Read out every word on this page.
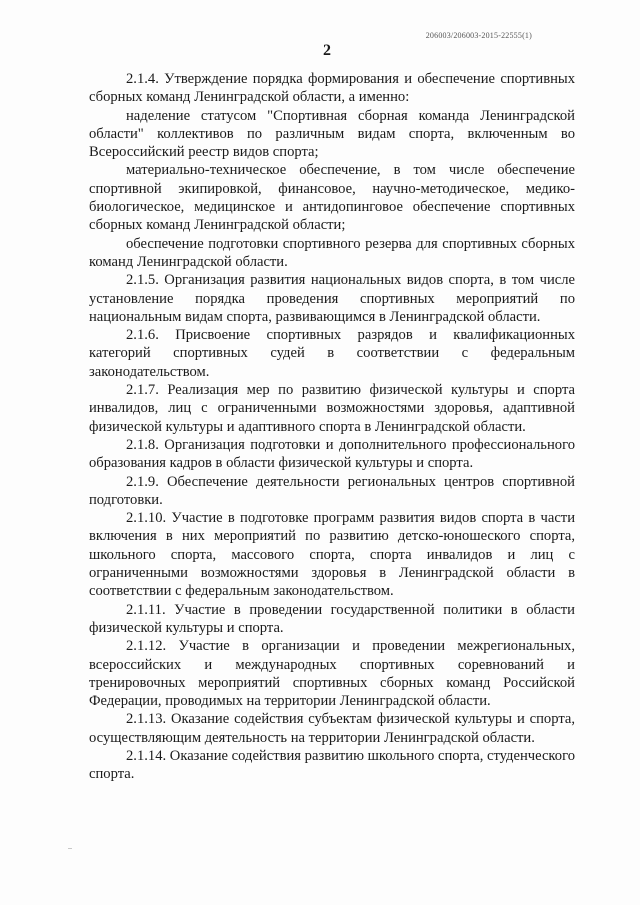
206003/206003-2015-22555(1)
2

2.1.4. Утверждение порядка формирования и обеспечение спортивных сборных команд Ленинградской области, а именно:

наделение статусом "Спортивная сборная команда Ленинградской области" коллективов по различным видам спорта, включенным во Всероссийский реестр видов спорта;

материально-техническое обеспечение, в том числе обеспечение спортивной экипировкой, финансовое, научно-методическое, медико-биологическое, медицинское и антидопинговое обеспечение спортивных сборных команд Ленинградской области;

обеспечение подготовки спортивного резерва для спортивных сборных команд Ленинградской области.

2.1.5. Организация развития национальных видов спорта, в том числе установление порядка проведения спортивных мероприятий по национальным видам спорта, развивающимся в Ленинградской области.

2.1.6. Присвоение спортивных разрядов и квалификационных категорий спортивных судей в соответствии с федеральным законодательством.

2.1.7. Реализация мер по развитию физической культуры и спорта инвалидов, лиц с ограниченными возможностями здоровья, адаптивной физической культуры и адаптивного спорта в Ленинградской области.

2.1.8. Организация подготовки и дополнительного профессионального образования кадров в области физической культуры и спорта.

2.1.9. Обеспечение деятельности региональных центров спортивной подготовки.

2.1.10. Участие в подготовке программ развития видов спорта в части включения в них мероприятий по развитию детско-юношеского спорта, школьного спорта, массового спорта, спорта инвалидов и лиц с ограниченными возможностями здоровья в Ленинградской области в соответствии с федеральным законодательством.

2.1.11. Участие в проведении государственной политики в области физической культуры и спорта.

2.1.12. Участие в организации и проведении межрегиональных, всероссийских и международных спортивных соревнований и тренировочных мероприятий спортивных сборных команд Российской Федерации, проводимых на территории Ленинградской области.

2.1.13. Оказание содействия субъектам физической культуры и спорта, осуществляющим деятельность на территории Ленинградской области.

2.1.14. Оказание содействия развитию школьного спорта, студенческого спорта.
